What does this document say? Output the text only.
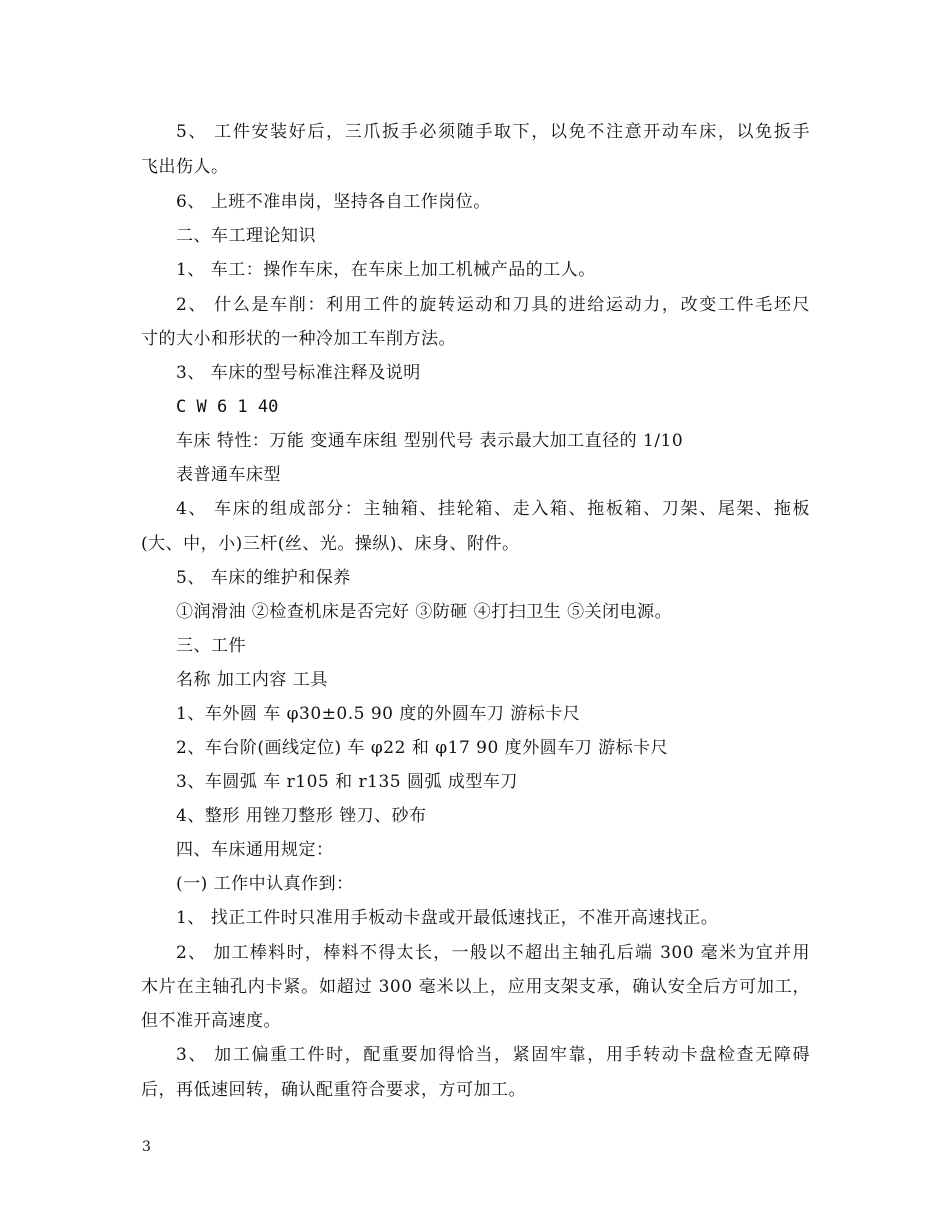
5、 工件安装好后，三爪扳手必须随手取下，以免不注意开动车床，以免扳手
飞出伤人。
6、 上班不准串岗，坚持各自工作岗位。
二、车工理论知识
1、 车工：操作车床，在车床上加工机械产品的工人。
2、 什么是车削：利用工件的旋转运动和刀具的进给运动力，改变工件毛坯尺
寸的大小和形状的一种冷加工车削方法。
3、 车床的型号标准注释及说明
C W 6 1 40
车床 特性：万能 变通车床组 型别代号 表示最大加工直径的 1/10
表普通车床型
4、 车床的组成部分：主轴箱、挂轮箱、走入箱、拖板箱、刀架、尾架、拖板
(大、中，小)三杆(丝、光。操纵)、床身、附件。
5、 车床的维护和保养
①润滑油 ②检查机床是否完好 ③防砸 ④打扫卫生 ⑤关闭电源。
三、工件
名称 加工内容 工具
1、车外圆 车 φ30±0.5 90 度的外圆车刀 游标卡尺
2、车台阶(画线定位) 车 φ22 和 φ17 90 度外圆车刀 游标卡尺
3、车圆弧 车 r105 和 r135 圆弧 成型车刀
4、整形 用锉刀整形 锉刀、砂布
四、车床通用规定：
(一) 工作中认真作到：
1、 找正工件时只准用手板动卡盘或开最低速找正，不准开高速找正。
2、 加工棒料时，棒料不得太长，一般以不超出主轴孔后端 300 毫米为宜并用
木片在主轴孔内卡紧。如超过 300 毫米以上，应用支架支承，确认安全后方可加工，
但不准开高速度。
3、 加工偏重工件时，配重要加得恰当，紧固牢靠，用手转动卡盘检查无障碍
后，再低速回转，确认配重符合要求，方可加工。
3
